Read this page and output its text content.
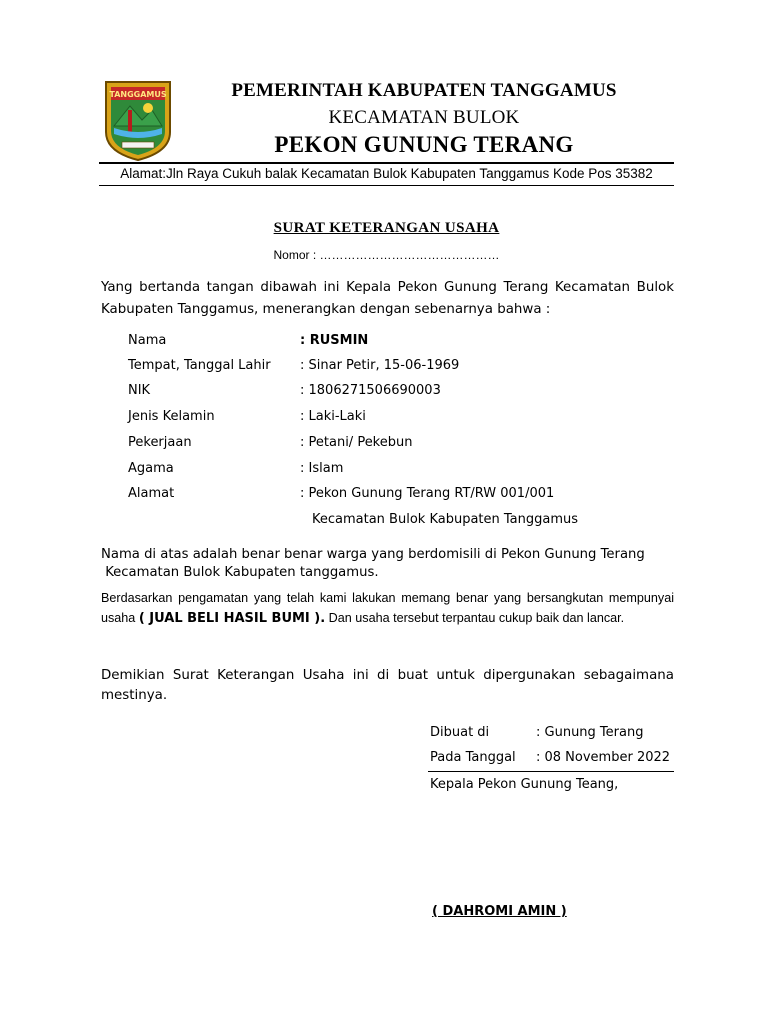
TANGGAMUS	PEMERINTAH KABUPATEN TANGGAMUS
KECAMATAN BULOK
PEKON GUNUNG TERANG
Alamat:Jln Raya Cukuh balak Kecamatan Bulok Kabupaten Tanggamus Kode Pos 35382
SURAT KETERANGAN USAHA
Nomor : ………………………………………
Yang bertanda tangan dibawah ini Kepala Pekon Gunung Terang Kecamatan Bulok Kabupaten Tanggamus, menerangkan dengan sebenarnya bahwa :
Nama	: RUSMIN
Tempat, Tanggal Lahir : Sinar Petir, 15-06-1969
NIK	: 1806271506690003
Jenis Kelamin	: Laki-Laki
Pekerjaan	: Petani/ Pekebun
Agama	: Islam
Alamat	: Pekon Gunung Terang RT/RW 001/001
Kecamatan Bulok Kabupaten Tanggamus
Nama di atas adalah benar benar warga yang berdomisili di Pekon Gunung Terang
Kecamatan Bulok Kabupaten tanggamus.
Berdasarkan pengamatan yang telah kami lakukan memang benar yang bersangkutan mempunyai usaha ( JUAL BELI HASIL BUMI ). Dan usaha tersebut terpantau cukup baik dan lancar.
Demikian Surat Keterangan Usaha ini di buat untuk dipergunakan sebagaimana mestinya.
Dibuat di	: Gunung Terang
Pada Tanggal : 08 November 2022
Kepala Pekon Gunung Teang,
( DAHROMI AMIN )
